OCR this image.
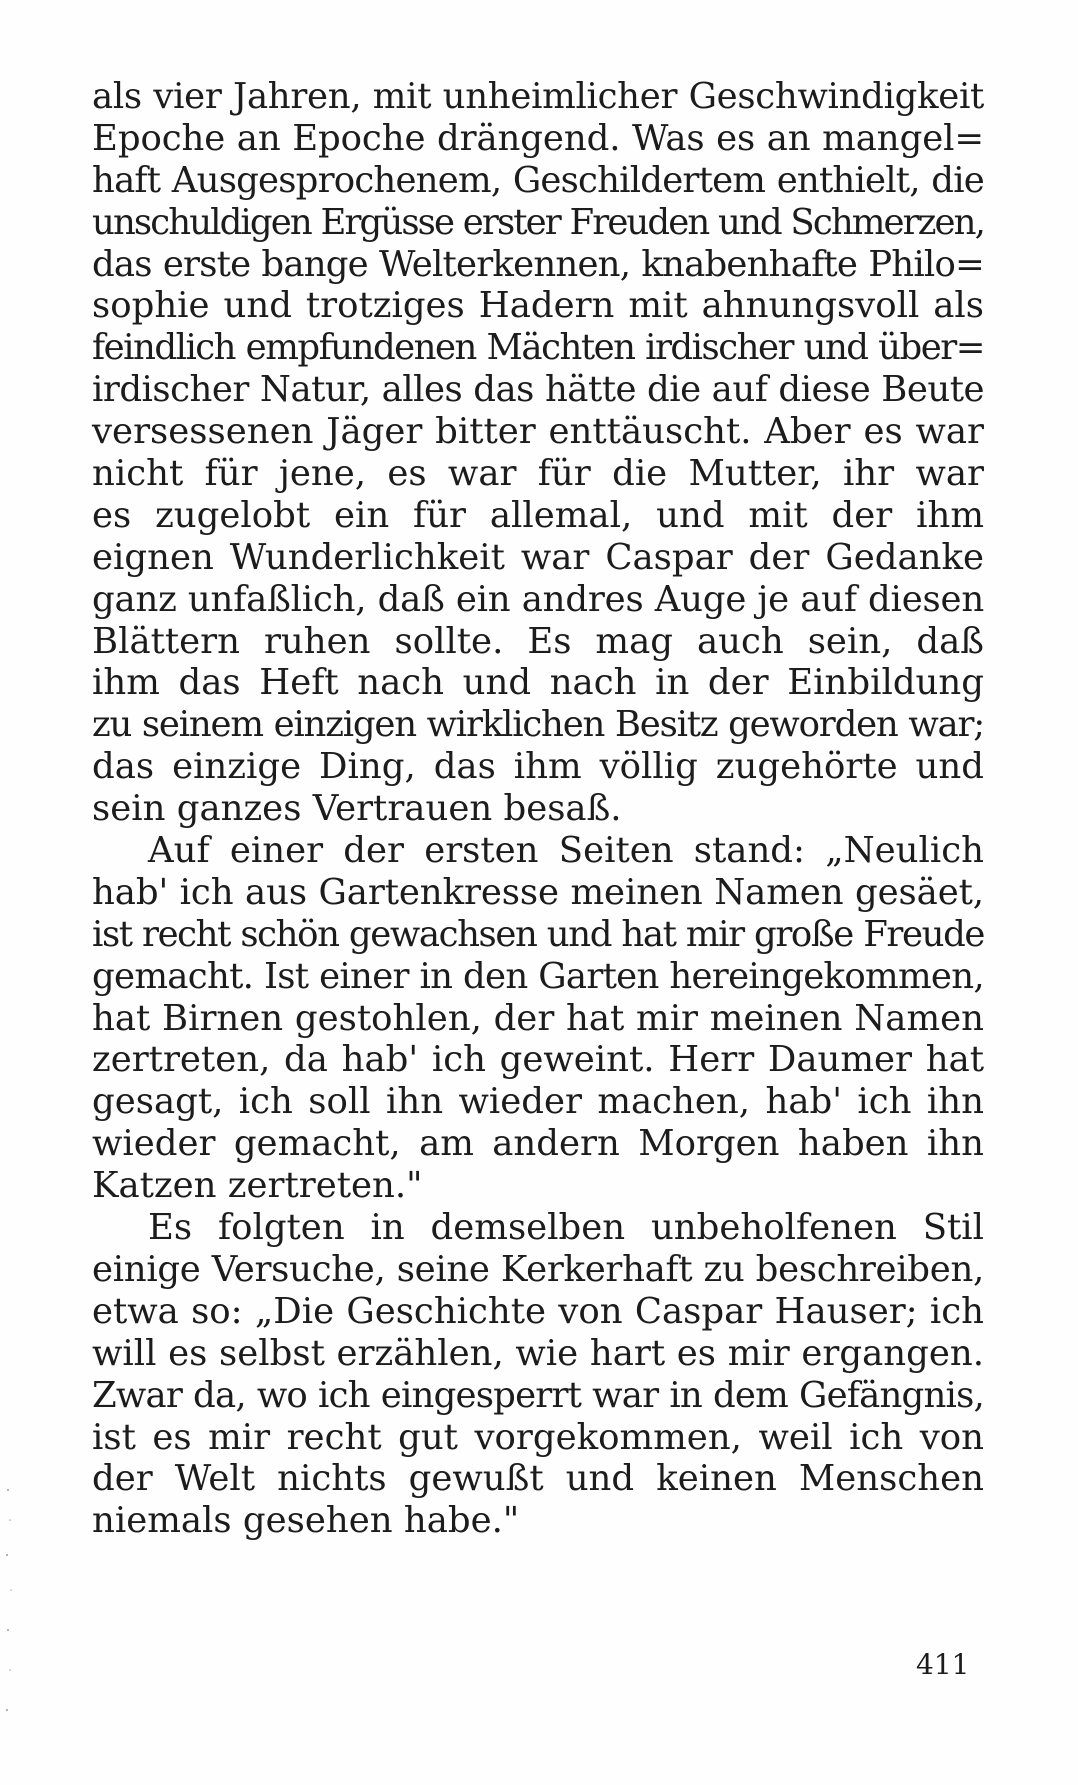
als vier Jahren, mit unheimlicher Geschwindigkeit
Epoche an Epoche drängend. Was es an mangel=
haft Ausgesprochenem, Geschildertem enthielt, die
unschuldigen Ergüsse erster Freuden und Schmerzen,
das erste bange Welterkennen, knabenhafte Philo=
sophie und trotziges Hadern mit ahnungsvoll als
feindlich empfundenen Mächten irdischer und über=
irdischer Natur, alles das hätte die auf diese Beute
versessenen Jäger bitter enttäuscht. Aber es war
nicht für jene, es war für die Mutter, ihr war
es zugelobt ein für allemal, und mit der ihm
eignen Wunderlichkeit war Caspar der Gedanke
ganz unfaßlich, daß ein andres Auge je auf diesen
Blättern ruhen sollte. Es mag auch sein, daß
ihm das Heft nach und nach in der Einbildung
zu seinem einzigen wirklichen Besitz geworden war;
das einzige Ding, das ihm völlig zugehörte und
sein ganzes Vertrauen besaß.
Auf einer der ersten Seiten stand: „Neulich
hab' ich aus Gartenkresse meinen Namen gesäet,
ist recht schön gewachsen und hat mir große Freude
gemacht. Ist einer in den Garten hereingekommen,
hat Birnen gestohlen, der hat mir meinen Namen
zertreten, da hab' ich geweint. Herr Daumer hat
gesagt, ich soll ihn wieder machen, hab' ich ihn
wieder gemacht, am andern Morgen haben ihn
Katzen zertreten."
Es folgten in demselben unbeholfenen Stil
einige Versuche, seine Kerkerhaft zu beschreiben,
etwa so: „Die Geschichte von Caspar Hauser; ich
will es selbst erzählen, wie hart es mir ergangen.
Zwar da, wo ich eingesperrt war in dem Gefängnis,
ist es mir recht gut vorgekommen, weil ich von
der Welt nichts gewußt und keinen Menschen
niemals gesehen habe."
411
